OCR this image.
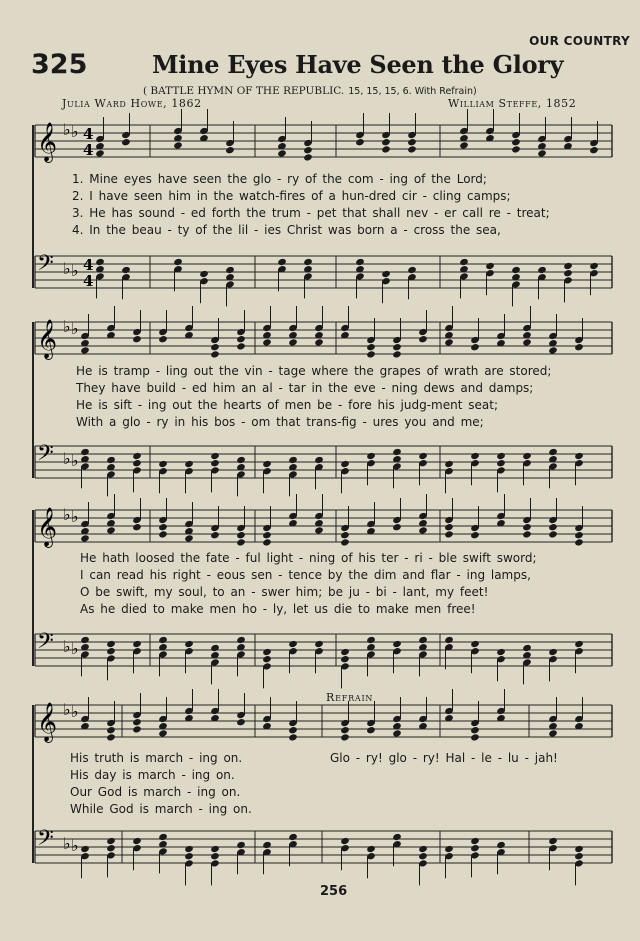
OUR COUNTRY
325	Mine Eyes Have Seen the Glory
( BATTLE HYMN OF THE REPUBLIC. 15, 15, 15, 6. With Refrain)
Julia Ward Howe, 1862	William Steffe, 1852
𝄞 ♭ ♭ 4
4
𝄢 ♭ ♭ 4
4
𝄞 ♭ ♭
𝄢 ♭ ♭
𝄞 ♭ ♭
𝄢 ♭ ♭
𝄞 ♭ ♭
𝄢 ♭ ♭
1. Mine eyes have seen the glo - ry of the com - ing of the Lord;
2. I have seen him in the watch-fires of a hun-dred cir - cling camps;
3. He has sound - ed forth the trum - pet that shall nev - er call re - treat;
4. In the beau - ty of the lil - ies Christ was born a - cross the sea,
He is tramp - ling out the vin - tage where the grapes of wrath are stored;
They have build - ed him an al - tar in the eve - ning dews and damps;
He is sift - ing out the hearts of men be - fore his judg-ment seat;
With a glo - ry in his bos - om that trans-fig - ures you and me;
He hath loosed the fate - ful light - ning of his ter - ri - ble swift sword;
I can read his right - eous sen - tence by the dim and flar - ing lamps,
O be swift, my soul, to an - swer him; be ju - bi - lant, my feet!
As he died to make men ho - ly, let us die to make men free!
Refrain
His truth is march - ing on.
His day is march - ing on.
Our God is march - ing on.
While God is march - ing on.
Glo - ry! glo - ry! Hal - le - lu - jah!
256
